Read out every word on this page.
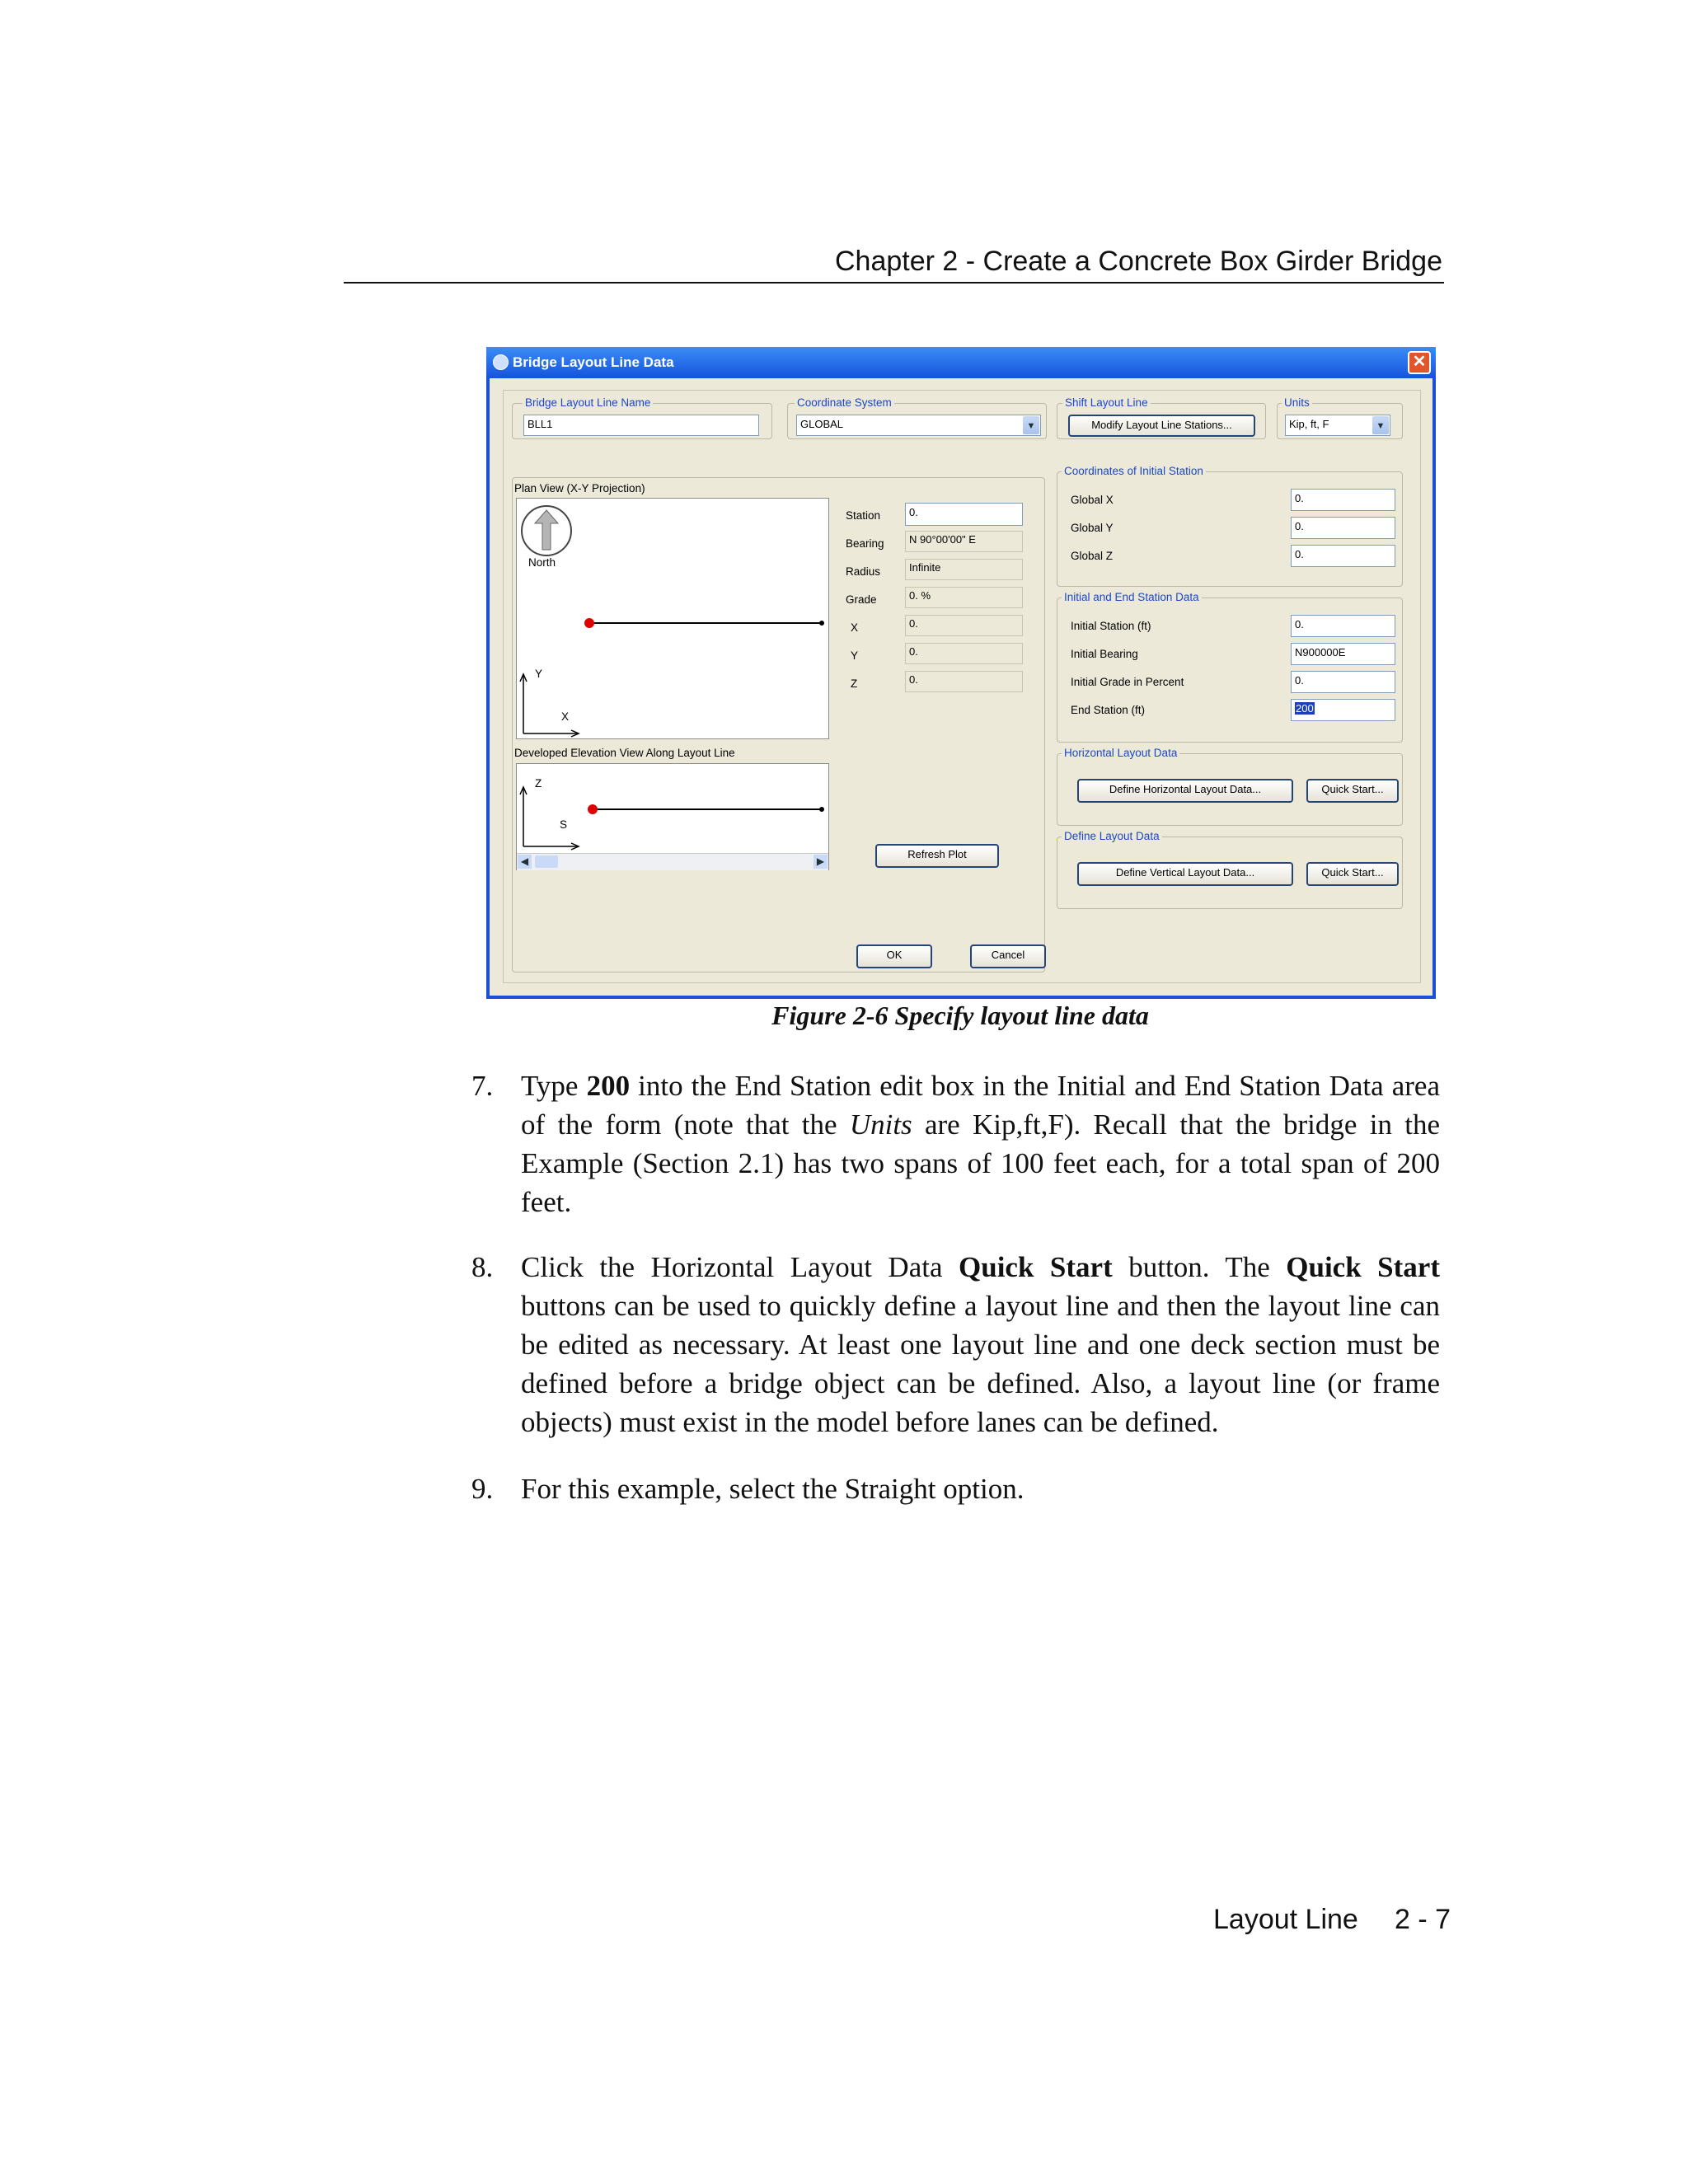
Chapter 2 - Create a Concrete Box Girder Bridge
Bridge Layout Line Data	✕
Bridge Layout Line Name
BLL1
Coordinate System
GLOBAL	▼
Shift Layout Line
Modify Layout Line Stations...
Units
Kip, ft, F	▼
Plan View (X-Y Projection)
North
Y
X
Developed Elevation View Along Layout Line
Z
S
◀	▶
Station	0.
Bearing	N 90°00'00" E
Radius	Infinite
Grade	0. %
X	0.
Y	0.
Z	0.
Refresh Plot
Coordinates of Initial Station
Global X	0.
Global Y	0.
Global Z	0.
Initial and End Station Data
Initial Station (ft)	0.
Initial Bearing	N900000E
Initial Grade in Percent	0.
End Station (ft)	200
Horizontal Layout Data
Define Horizontal Layout Data...	Quick Start...
Define Layout Data
Define Vertical Layout Data...	Quick Start...
OK	Cancel
Figure 2-6 Specify layout line data
7. Type 200 into the End Station edit box in the Initial and End Station Data area of the form (note that the Units are Kip,ft,F). Recall that the bridge in the Example (Section 2.1) has two spans of 100 feet each, for a total span of 200 feet.
8. Click the Horizontal Layout Data Quick Start button. The Quick Start buttons can be used to quickly define a layout line and then the layout line can be edited as necessary. At least one layout line and one deck section must be defined before a bridge object can be defined. Also, a layout line (or frame objects) must exist in the model before lanes can be defined.
9. For this example, select the Straight option.
Layout Line 2 - 7
